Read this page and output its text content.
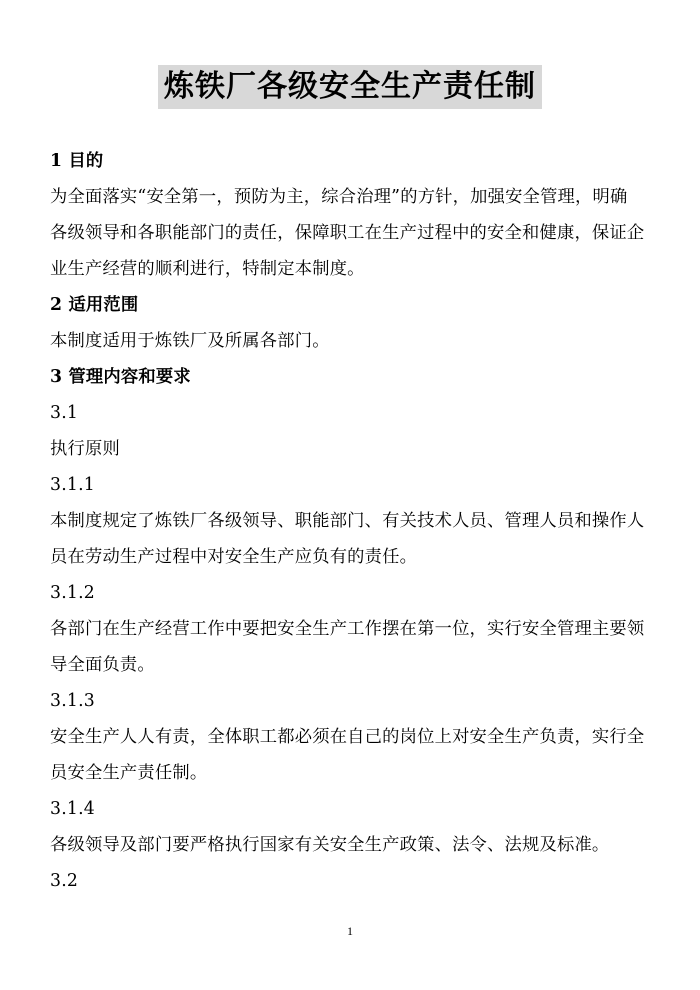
炼铁厂各级安全生产责任制
1 目的
为全面落实“安全第一，预防为主，综合治理”的方针，加强安全管理，明确
各级领导和各职能部门的责任，保障职工在生产过程中的安全和健康，保证企
业生产经营的顺利进行，特制定本制度。
2 适用范围
本制度适用于炼铁厂及所属各部门。
3 管理内容和要求
3.1
执行原则
3.1.1
本制度规定了炼铁厂各级领导、职能部门、有关技术人员、管理人员和操作人
员在劳动生产过程中对安全生产应负有的责任。
3.1.2
各部门在生产经营工作中要把安全生产工作摆在第一位，实行安全管理主要领
导全面负责。
3.1.3
安全生产人人有责，全体职工都必须在自己的岗位上对安全生产负责，实行全
员安全生产责任制。
3.1.4
各级领导及部门要严格执行国家有关安全生产政策、法令、法规及标准。
3.2
1
